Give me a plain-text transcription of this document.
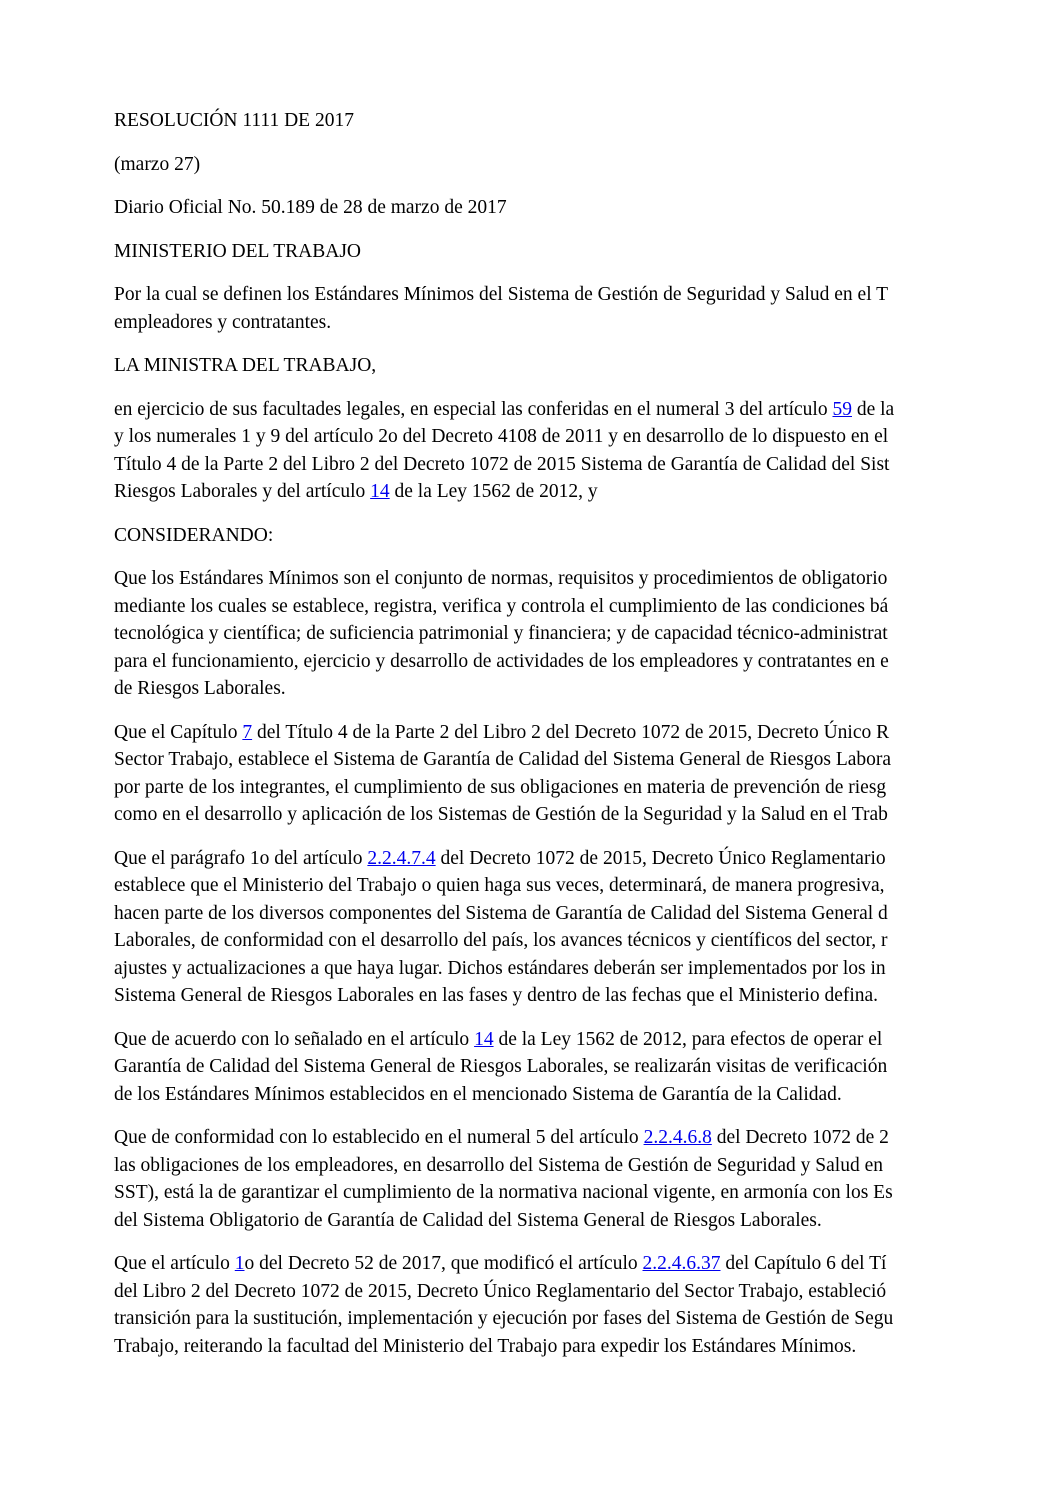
RESOLUCIÓN 1111 DE 2017

(marzo 27)

Diario Oficial No. 50.189 de 28 de marzo de 2017

MINISTERIO DEL TRABAJO

Por la cual se definen los Estándares Mínimos del Sistema de Gestión de Seguridad y Salud en el T
empleadores y contratantes.

LA MINISTRA DEL TRABAJO,

en ejercicio de sus facultades legales, en especial las conferidas en el numeral 3 del artículo 59 de la
y los numerales 1 y 9 del artículo 2o del Decreto 4108 de 2011 y en desarrollo de lo dispuesto en el
Título 4 de la Parte 2 del Libro 2 del Decreto 1072 de 2015 Sistema de Garantía de Calidad del Sist
Riesgos Laborales y del artículo 14 de la Ley 1562 de 2012, y

CONSIDERANDO:

Que los Estándares Mínimos son el conjunto de normas, requisitos y procedimientos de obligatorio
mediante los cuales se establece, registra, verifica y controla el cumplimiento de las condiciones bá
tecnológica y científica; de suficiencia patrimonial y financiera; y de capacidad técnico-administrat
para el funcionamiento, ejercicio y desarrollo de actividades de los empleadores y contratantes en e
de Riesgos Laborales.

Que el Capítulo 7 del Título 4 de la Parte 2 del Libro 2 del Decreto 1072 de 2015, Decreto Único R
Sector Trabajo, establece el Sistema de Garantía de Calidad del Sistema General de Riesgos Labora
por parte de los integrantes, el cumplimiento de sus obligaciones en materia de prevención de riesg
como en el desarrollo y aplicación de los Sistemas de Gestión de la Seguridad y la Salud en el Trab

Que el parágrafo 1o del artículo 2.2.4.7.4 del Decreto 1072 de 2015, Decreto Único Reglamentario
establece que el Ministerio del Trabajo o quien haga sus veces, determinará, de manera progresiva,
hacen parte de los diversos componentes del Sistema de Garantía de Calidad del Sistema General d
Laborales, de conformidad con el desarrollo del país, los avances técnicos y científicos del sector, r
ajustes y actualizaciones a que haya lugar. Dichos estándares deberán ser implementados por los in
Sistema General de Riesgos Laborales en las fases y dentro de las fechas que el Ministerio defina.

Que de acuerdo con lo señalado en el artículo 14 de la Ley 1562 de 2012, para efectos de operar el
Garantía de Calidad del Sistema General de Riesgos Laborales, se realizarán visitas de verificación
de los Estándares Mínimos establecidos en el mencionado Sistema de Garantía de la Calidad.

Que de conformidad con lo establecido en el numeral 5 del artículo 2.2.4.6.8 del Decreto 1072 de 2
las obligaciones de los empleadores, en desarrollo del Sistema de Gestión de Seguridad y Salud en
SST), está la de garantizar el cumplimiento de la normativa nacional vigente, en armonía con los Es
del Sistema Obligatorio de Garantía de Calidad del Sistema General de Riesgos Laborales.

Que el artículo 1o del Decreto 52 de 2017, que modificó el artículo 2.2.4.6.37 del Capítulo 6 del Tí
del Libro 2 del Decreto 1072 de 2015, Decreto Único Reglamentario del Sector Trabajo, estableció
transición para la sustitución, implementación y ejecución por fases del Sistema de Gestión de Segu
Trabajo, reiterando la facultad del Ministerio del Trabajo para expedir los Estándares Mínimos.
